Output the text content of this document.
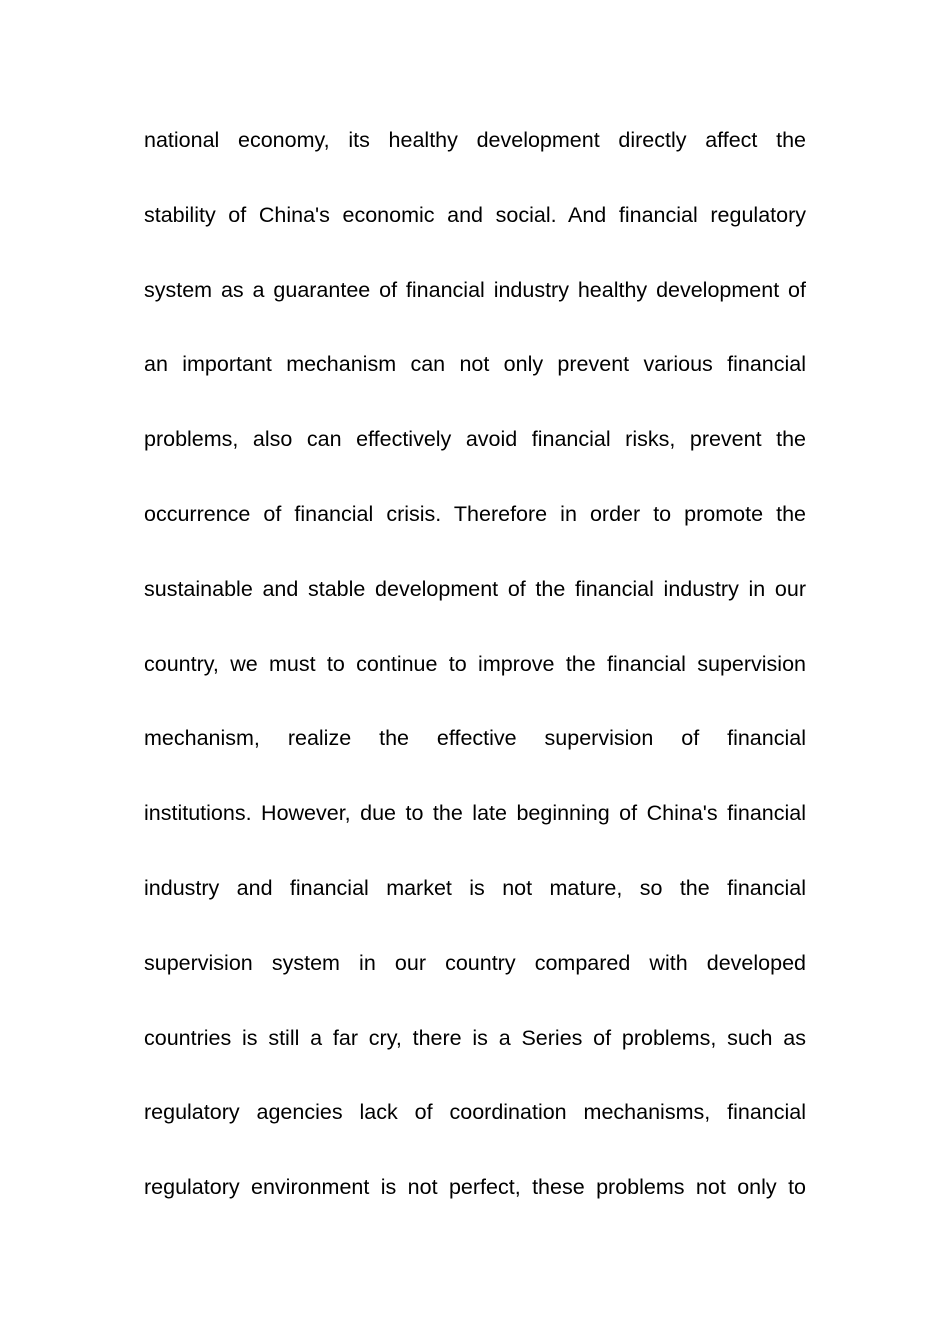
national economy, its healthy development directly affect the
stability of China's economic and social. And financial regulatory
system as a guarantee of financial industry healthy development of
an important mechanism can not only prevent various financial
problems, also can effectively avoid financial risks, prevent the
occurrence of financial crisis. Therefore in order to promote the
sustainable and stable development of the financial industry in our
country, we must to continue to improve the financial supervision
mechanism, realize the effective supervision of financial
institutions. However, due to the late beginning of China's financial
industry and financial market is not mature, so the financial
supervision system in our country compared with developed
countries is still a far cry, there is a Series of problems, such as
regulatory agencies lack of coordination mechanisms, financial
regulatory environment is not perfect, these problems not only to
